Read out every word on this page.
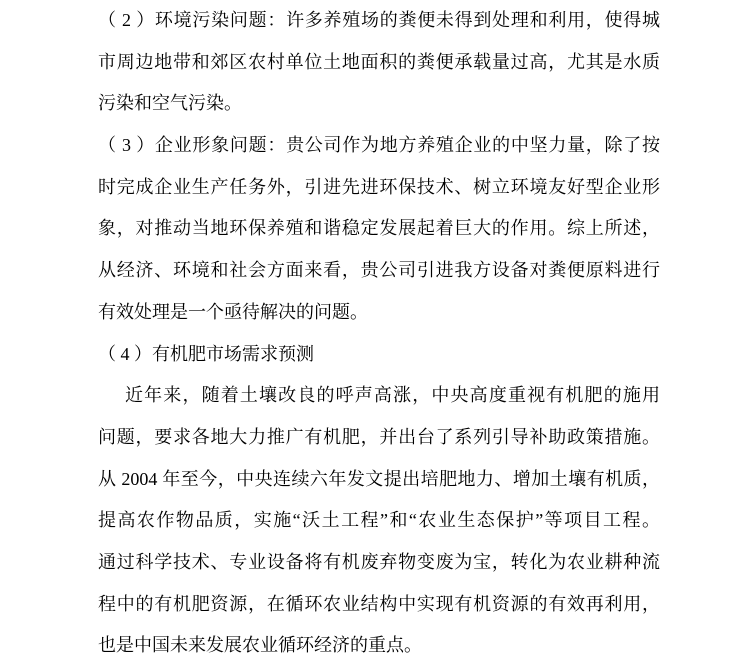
（ 2 ）环境污染问题：许多养殖场的粪便未得到处理和利用，使得城
市周边地带和郊区农村单位土地面积的粪便承载量过高，尤其是水质
污染和空气污染。
（ 3 ）企业形象问题：贵公司作为地方养殖企业的中坚力量，除了按
时完成企业生产任务外，引进先进环保技术、树立环境友好型企业形
象，对推动当地环保养殖和谐稳定发展起着巨大的作用。综上所述，
从经济、环境和社会方面来看，贵公司引进我方设备对粪便原料进行
有效处理是一个亟待解决的问题。
（ 4 ）有机肥市场需求预测
近年来，随着土壤改良的呼声高涨，中央高度重视有机肥的施用
问题，要求各地大力推广有机肥，并出台了系列引导补助政策措施。
从 2004 年至今，中央连续六年发文提出培肥地力、增加土壤有机质，
提高农作物品质，实施“沃土工程”和“农业生态保护”等项目工程。
通过科学技术、专业设备将有机废弃物变废为宝，转化为农业耕种流
程中的有机肥资源，在循环农业结构中实现有机资源的有效再利用，
也是中国未来发展农业循环经济的重点。
